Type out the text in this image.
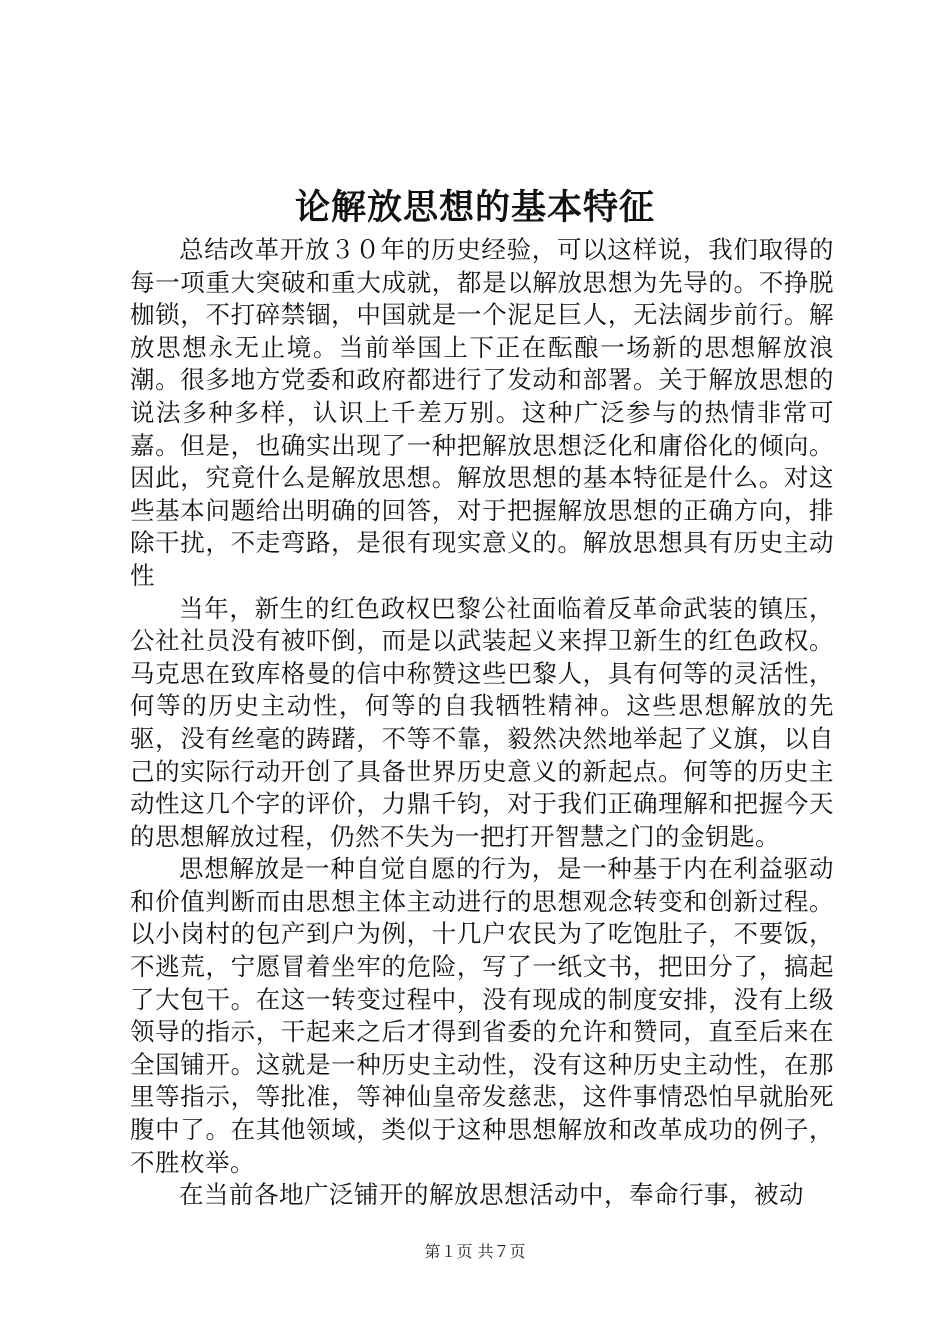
论解放思想的基本特征

总结改革开放３０年的历史经验，可以这样说，我们取得的每一项重大突破和重大成就，都是以解放思想为先导的。不挣脱枷锁，不打碎禁锢，中国就是一个泥足巨人，无法阔步前行。解放思想永无止境。当前举国上下正在酝酿一场新的思想解放浪潮。很多地方党委和政府都进行了发动和部署。关于解放思想的说法多种多样，认识上千差万别。这种广泛参与的热情非常可嘉。但是，也确实出现了一种把解放思想泛化和庸俗化的倾向。因此，究竟什么是解放思想。解放思想的基本特征是什么。对这些基本问题给出明确的回答，对于把握解放思想的正确方向，排除干扰，不走弯路，是很有现实意义的。解放思想具有历史主动性

当年，新生的红色政权巴黎公社面临着反革命武装的镇压，公社社员没有被吓倒，而是以武装起义来捍卫新生的红色政权。马克思在致库格曼的信中称赞这些巴黎人，具有何等的灵活性，何等的历史主动性，何等的自我牺牲精神。这些思想解放的先驱，没有丝毫的踌躇，不等不靠，毅然决然地举起了义旗，以自己的实际行动开创了具备世界历史意义的新起点。何等的历史主动性这几个字的评价，力鼎千钧，对于我们正确理解和把握今天的思想解放过程，仍然不失为一把打开智慧之门的金钥匙。

思想解放是一种自觉自愿的行为，是一种基于内在利益驱动和价值判断而由思想主体主动进行的思想观念转变和创新过程。以小岗村的包产到户为例，十几户农民为了吃饱肚子，不要饭，不逃荒，宁愿冒着坐牢的危险，写了一纸文书，把田分了，搞起了大包干。在这一转变过程中，没有现成的制度安排，没有上级领导的指示，干起来之后才得到省委的允许和赞同，直至后来在全国铺开。这就是一种历史主动性，没有这种历史主动性，在那里等指示，等批准，等神仙皇帝发慈悲，这件事情恐怕早就胎死腹中了。在其他领域，类似于这种思想解放和改革成功的例子，不胜枚举。

在当前各地广泛铺开的解放思想活动中，奉命行事，被动

第１页 共７页
